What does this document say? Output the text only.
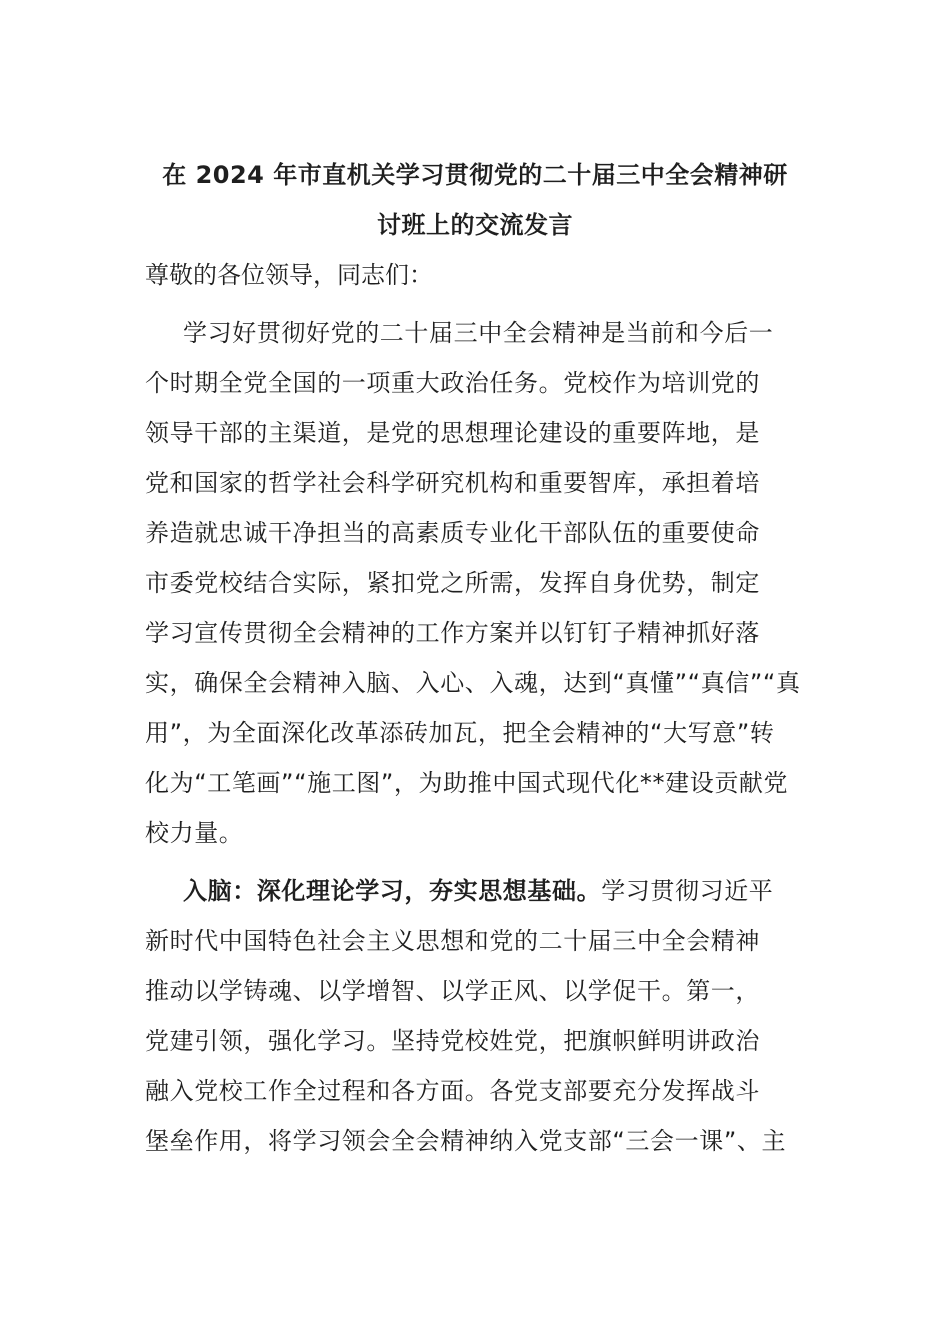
在 2024 年市直机关学习贯彻党的二十届三中全会精神研
讨班上的交流发言
尊敬的各位领导，同志们：
学习好贯彻好党的二十届三中全会精神是当前和今后一
个时期全党全国的一项重大政治任务。党校作为培训党的
领导干部的主渠道，是党的思想理论建设的重要阵地，是
党和国家的哲学社会科学研究机构和重要智库，承担着培
养造就忠诚干净担当的高素质专业化干部队伍的重要使命
市委党校结合实际，紧扣党之所需，发挥自身优势，制定
学习宣传贯彻全会精神的工作方案并以钉钉子精神抓好落
实，确保全会精神入脑、入心、入魂，达到“真懂”“真信”“真
用”，为全面深化改革添砖加瓦，把全会精神的“大写意”转
化为“工笔画”“施工图”，为助推中国式现代化**建设贡献党
校力量。
入脑：深化理论学习，夯实思想基础。学习贯彻习近平
新时代中国特色社会主义思想和党的二十届三中全会精神
推动以学铸魂、以学增智、以学正风、以学促干。第一，
党建引领，强化学习。坚持党校姓党，把旗帜鲜明讲政治
融入党校工作全过程和各方面。各党支部要充分发挥战斗
堡垒作用，将学习领会全会精神纳入党支部“三会一课”、主
